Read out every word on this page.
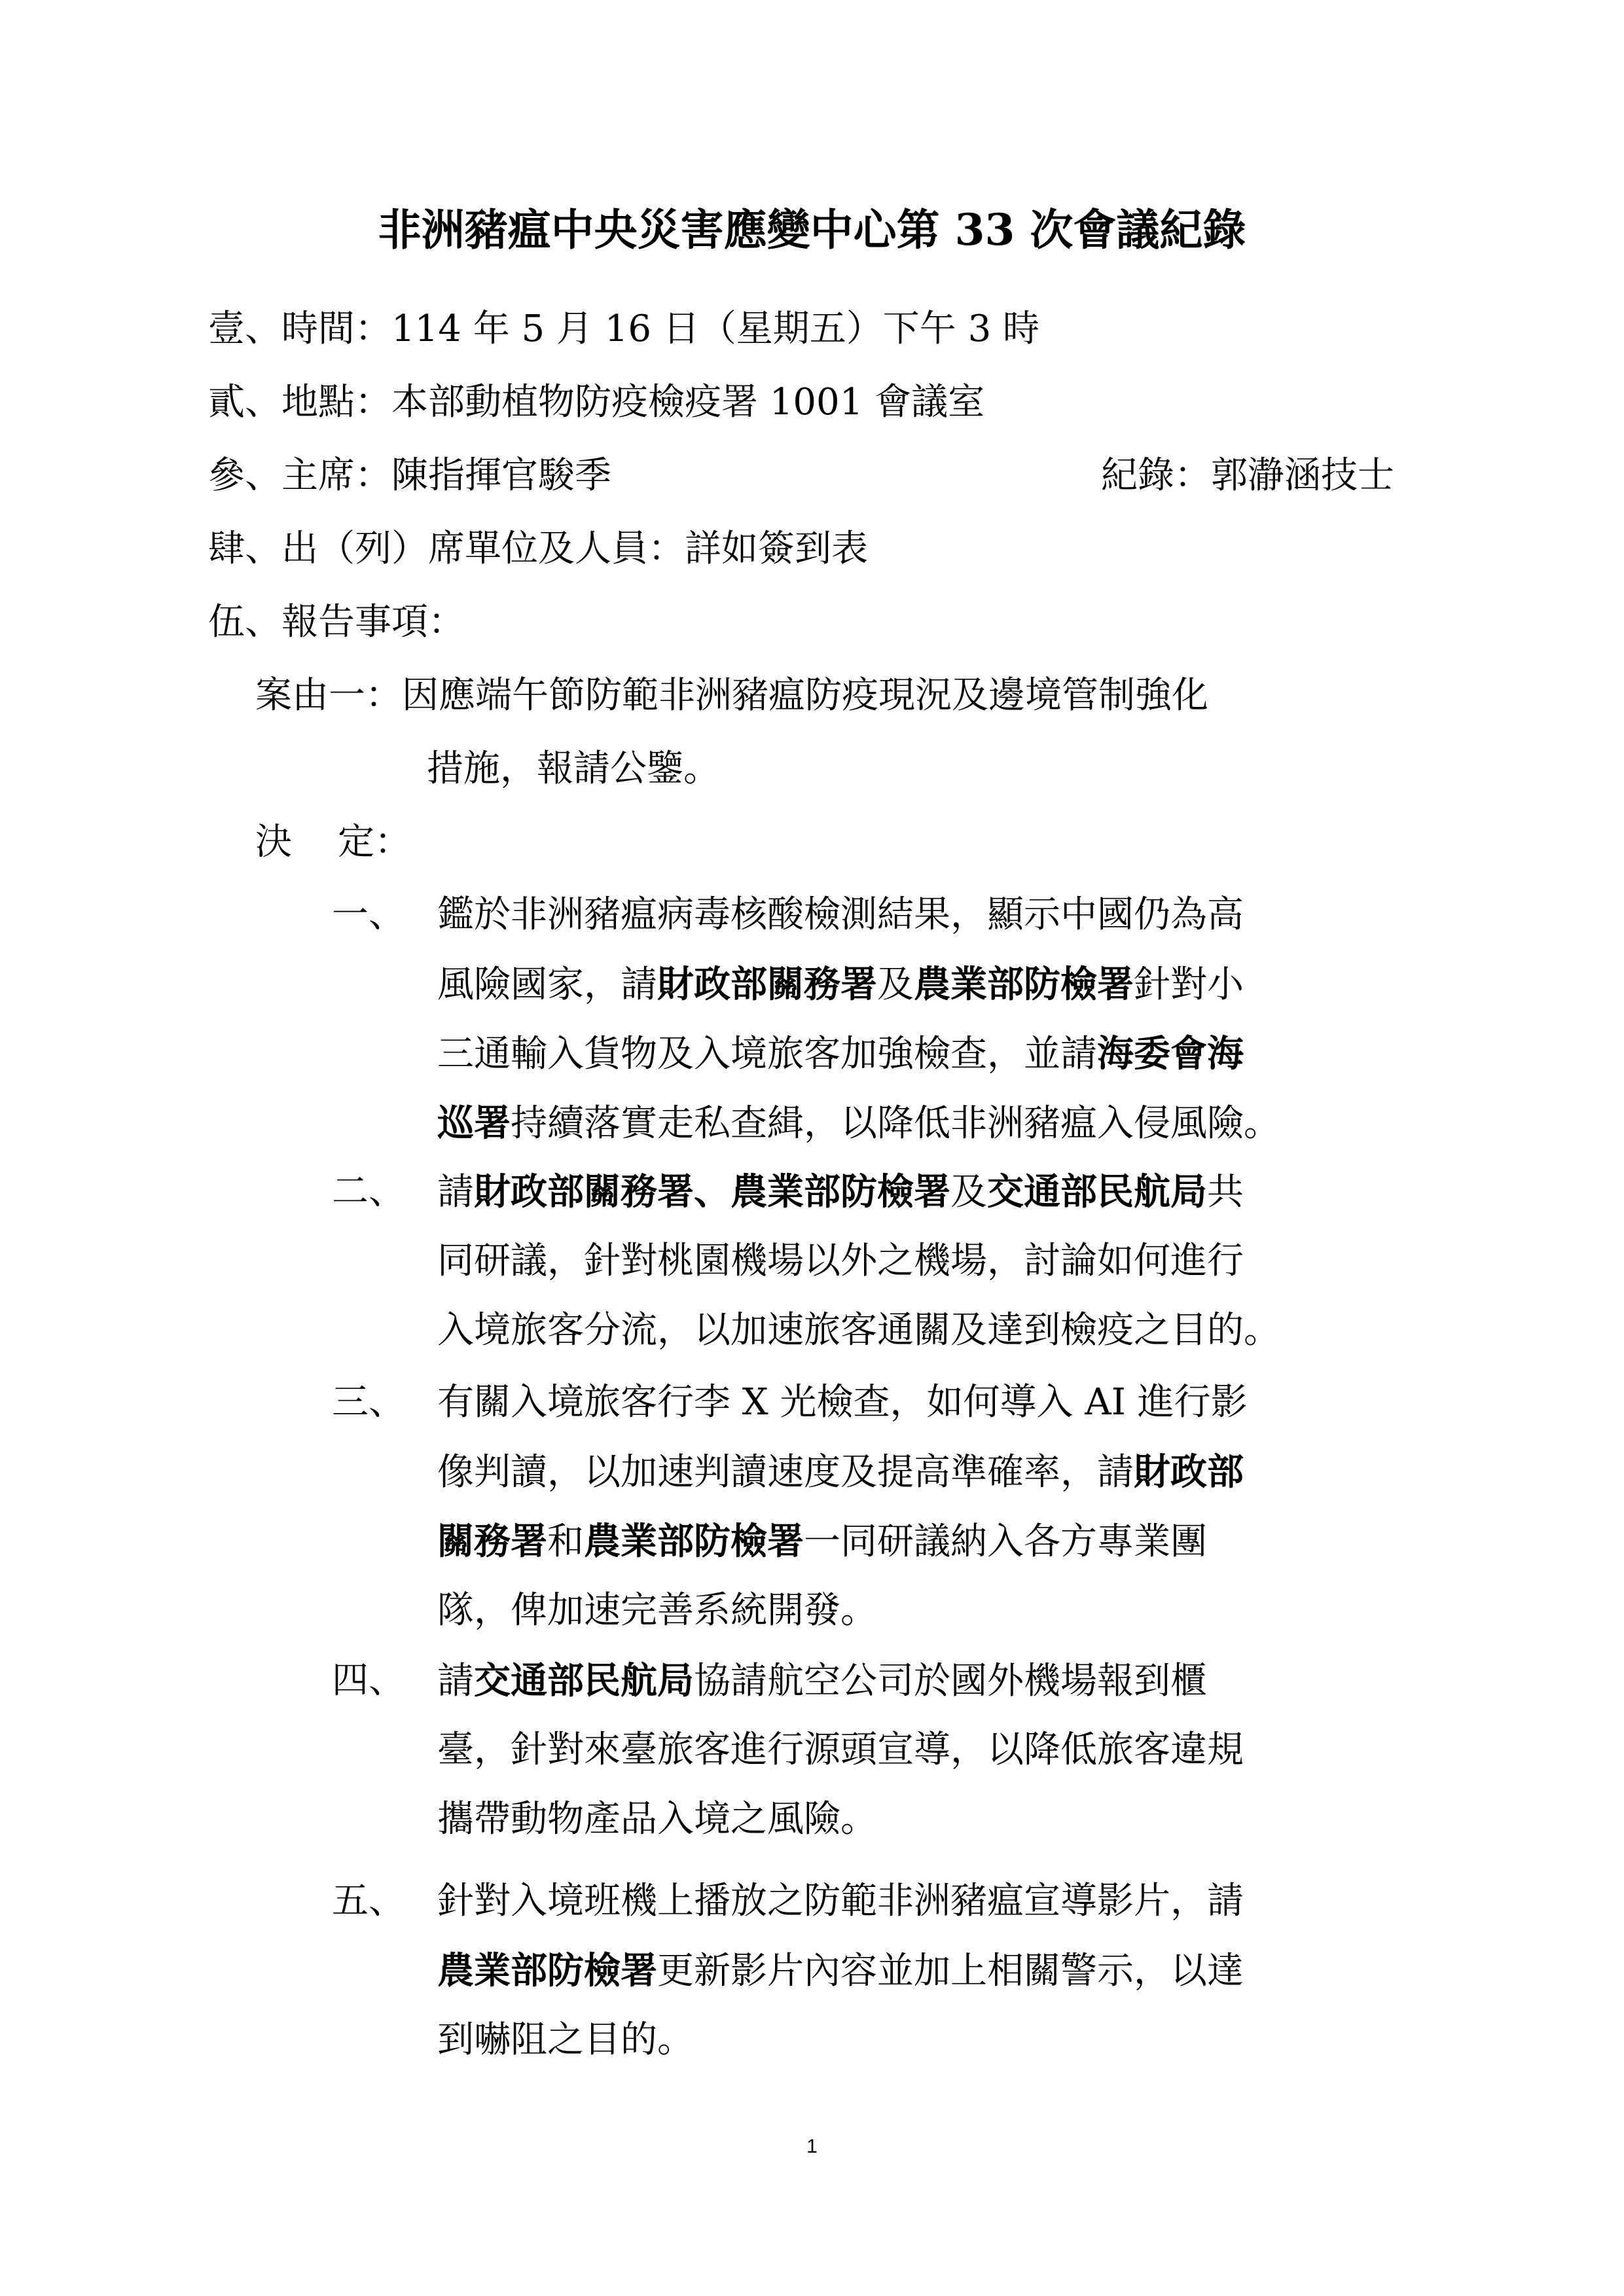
非洲豬瘟中央災害應變中心第 33 次會議紀錄
壹、時間：114 年 5 月 16 日（星期五）下午 3 時
貳、地點：本部動植物防疫檢疫署 1001 會議室
參、主席：陳指揮官駿季	紀錄：郭瀞涵技士
肆、出（列）席單位及人員：詳如簽到表
伍、報告事項：
案由一：因應端午節防範非洲豬瘟防疫現況及邊境管制強化
措施，報請公鑒。
決 定：
一、 鑑於非洲豬瘟病毒核酸檢測結果，顯示中國仍為高
風險國家，請財政部關務署及農業部防檢署針對小
三通輸入貨物及入境旅客加強檢查，並請海委會海
巡署持續落實走私查緝，以降低非洲豬瘟入侵風險。
二、 請財政部關務署、農業部防檢署及交通部民航局共
同研議，針對桃園機場以外之機場，討論如何進行
入境旅客分流，以加速旅客通關及達到檢疫之目的。
三、 有關入境旅客行李 X 光檢查，如何導入 AI 進行影
像判讀，以加速判讀速度及提高準確率，請財政部
關務署和農業部防檢署一同研議納入各方專業團
隊，俾加速完善系統開發。
四、 請交通部民航局協請航空公司於國外機場報到櫃
臺，針對來臺旅客進行源頭宣導，以降低旅客違規
攜帶動物產品入境之風險。
五、 針對入境班機上播放之防範非洲豬瘟宣導影片，請
農業部防檢署更新影片內容並加上相關警示，以達
到嚇阻之目的。
1
